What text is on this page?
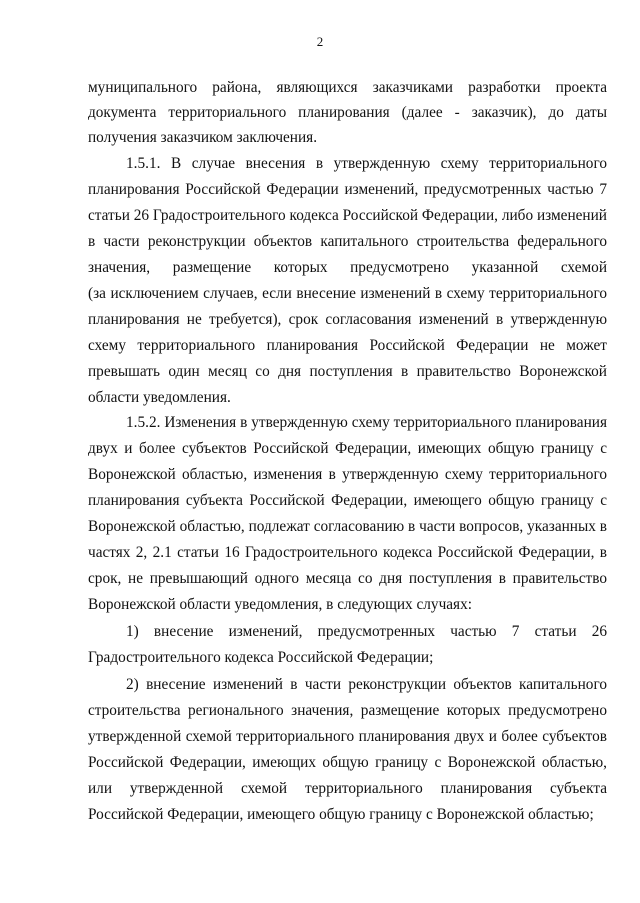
2
муниципального района, являющихся заказчиками разработки проекта
документа территориального планирования (далее - заказчик), до даты
получения заказчиком заключения.
1.5.1. В случае внесения в утвержденную схему территориального
планирования Российской Федерации изменений, предусмотренных частью 7
статьи 26 Градостроительного кодекса Российской Федерации, либо изменений
в части реконструкции объектов капитального строительства федерального
значения, размещение которых предусмотрено указанной схемой
(за исключением случаев, если внесение изменений в схему территориального
планирования не требуется), срок согласования изменений в утвержденную
схему территориального планирования Российской Федерации не может
превышать один месяц со дня поступления в правительство Воронежской
области уведомления.
1.5.2. Изменения в утвержденную схему территориального планирования
двух и более субъектов Российской Федерации, имеющих общую границу с
Воронежской областью, изменения в утвержденную схему территориального
планирования субъекта Российской Федерации, имеющего общую границу с
Воронежской областью, подлежат согласованию в части вопросов, указанных в
частях 2, 2.1 статьи 16 Градостроительного кодекса Российской Федерации, в
срок, не превышающий одного месяца со дня поступления в правительство
Воронежской области уведомления, в следующих случаях:
1) внесение изменений, предусмотренных частью 7 статьи 26
Градостроительного кодекса Российской Федерации;
2) внесение изменений в части реконструкции объектов капитального
строительства регионального значения, размещение которых предусмотрено
утвержденной схемой территориального планирования двух и более субъектов
Российской Федерации, имеющих общую границу с Воронежской областью,
или утвержденной схемой территориального планирования субъекта
Российской Федерации, имеющего общую границу с Воронежской областью;
